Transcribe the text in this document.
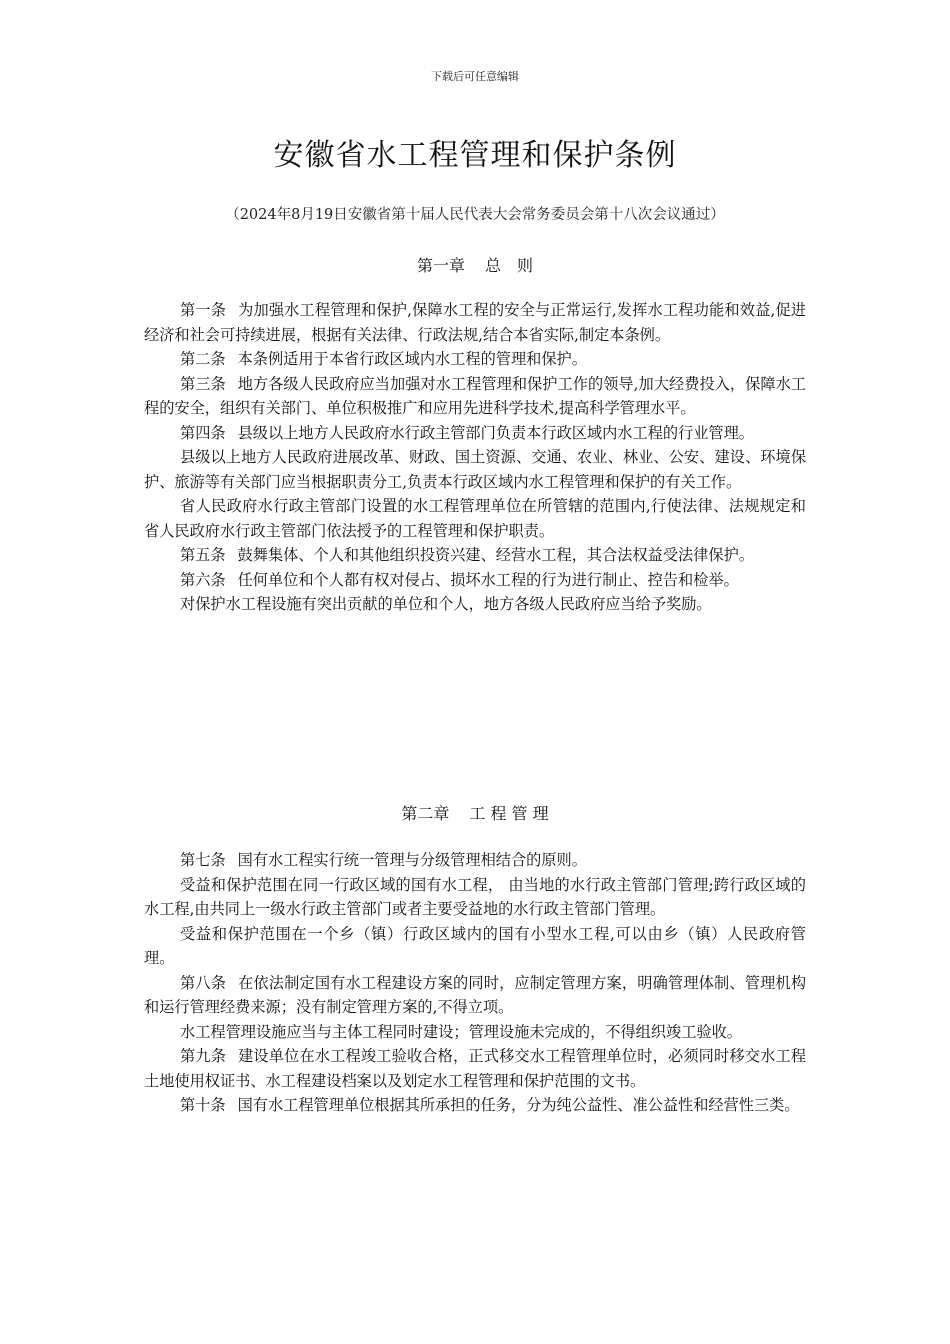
下载后可任意编辑
安徽省水工程管理和保护条例
（2024年8月19日安徽省第十届人民代表大会常务委员会第十八次会议通过）
第一章 总　则

第一条 为加强水工程管理和保护,保障水工程的安全与正常运行,发挥水工程功能和效益,促进经济和社会可持续进展，根据有关法律、行政法规,结合本省实际,制定本条例。

第二条 本条例适用于本省行政区域内水工程的管理和保护。

第三条 地方各级人民政府应当加强对水工程管理和保护工作的领导,加大经费投入，保障水工程的安全，组织有关部门、单位积极推广和应用先进科学技术,提高科学管理水平。

第四条 县级以上地方人民政府水行政主管部门负责本行政区域内水工程的行业管理。

县级以上地方人民政府进展改革、财政、国土资源、交通、农业、林业、公安、建设、环境保护、旅游等有关部门应当根据职责分工,负责本行政区域内水工程管理和保护的有关工作。

省人民政府水行政主管部门设置的水工程管理单位在所管辖的范围内,行使法律、法规规定和省人民政府水行政主管部门依法授予的工程管理和保护职责。

第五条 鼓舞集体、个人和其他组织投资兴建、经营水工程，其合法权益受法律保护。

第六条 任何单位和个人都有权对侵占、损坏水工程的行为进行制止、控告和检举。

对保护水工程设施有突出贡献的单位和个人，地方各级人民政府应当给予奖励。

第二章 工 程 管 理

第七条 国有水工程实行统一管理与分级管理相结合的原则。

受益和保护范围在同一行政区域的国有水工程， 由当地的水行政主管部门管理;跨行政区域的水工程,由共同上一级水行政主管部门或者主要受益地的水行政主管部门管理。

受益和保护范围在一个乡（镇）行政区域内的国有小型水工程,可以由乡（镇）人民政府管理。

第八条 在依法制定国有水工程建设方案的同时，应制定管理方案，明确管理体制、管理机构和运行管理经费来源；没有制定管理方案的,不得立项。

水工程管理设施应当与主体工程同时建设；管理设施未完成的，不得组织竣工验收。

第九条 建设单位在水工程竣工验收合格，正式移交水工程管理单位时，必须同时移交水工程土地使用权证书、水工程建设档案以及划定水工程管理和保护范围的文书。

第十条 国有水工程管理单位根据其所承担的任务，分为纯公益性、准公益性和经营性三类。
